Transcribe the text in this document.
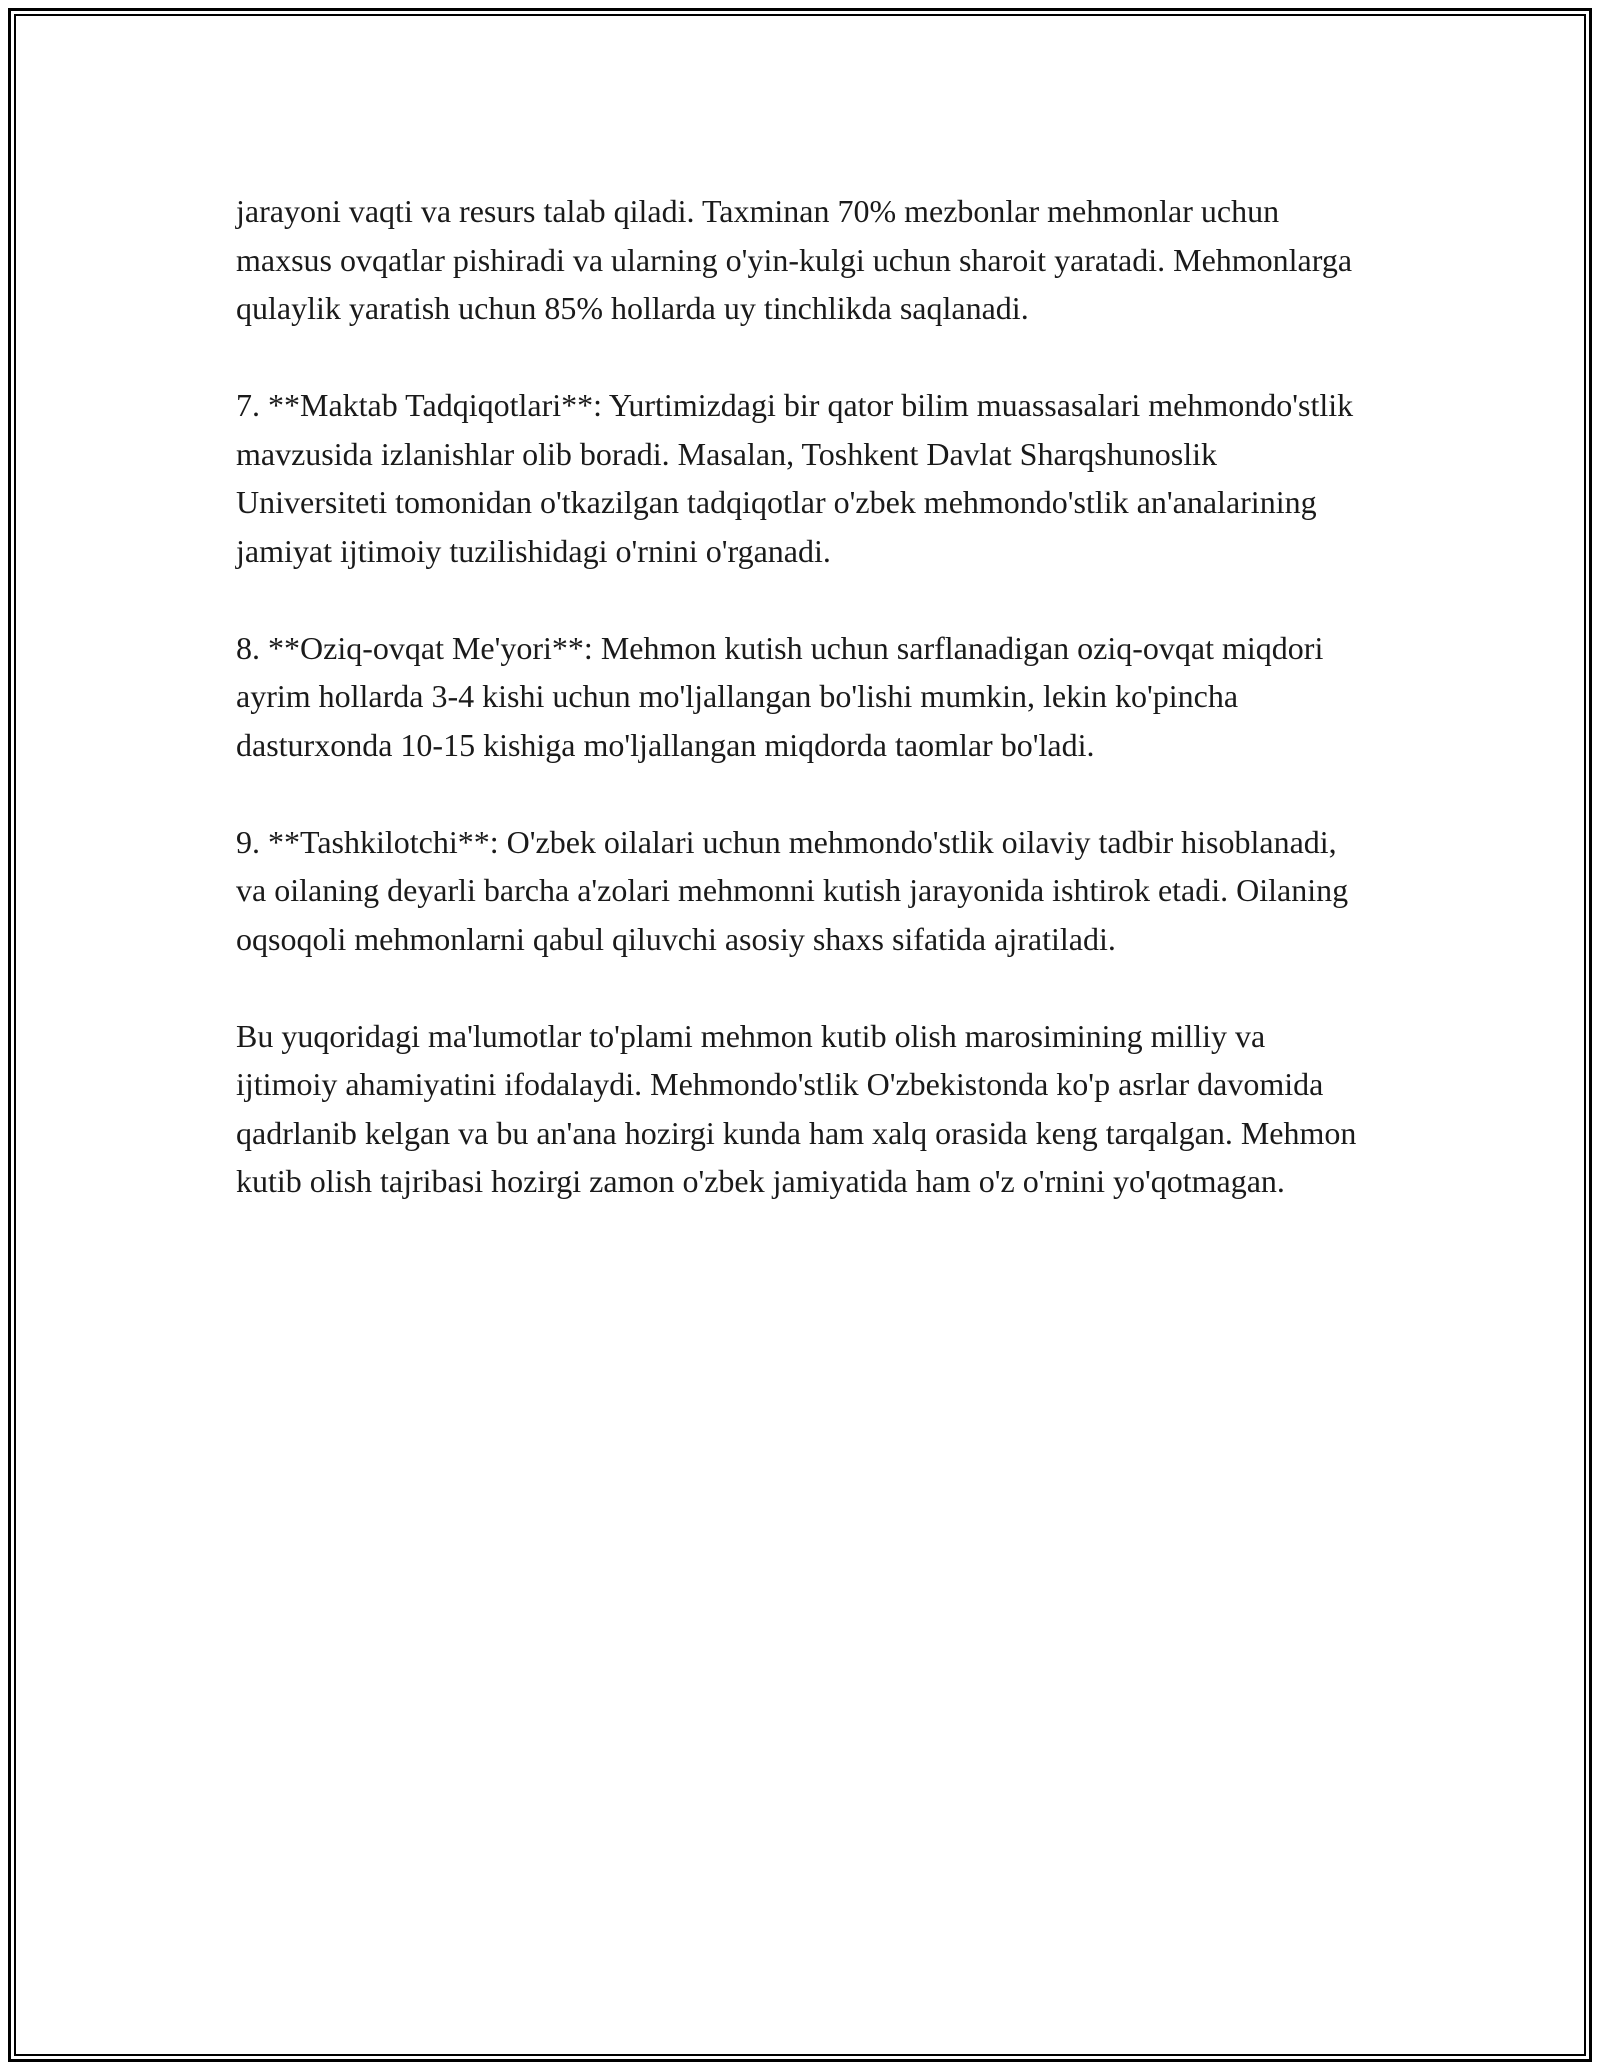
jarayoni vaqti va resurs talab qiladi. Taxminan 70% mezbonlar mehmonlar uchun maxsus ovqatlar pishiradi va ularning o'yin-kulgi uchun sharoit yaratadi. Mehmonlarga qulaylik yaratish uchun 85% hollarda uy tinchlikda saqlanadi.

7. **Maktab Tadqiqotlari**: Yurtimizdagi bir qator bilim muassasalari mehmondo'stlik mavzusida izlanishlar olib boradi. Masalan, Toshkent Davlat Sharqshunoslik Universiteti tomonidan o'tkazilgan tadqiqotlar o'zbek mehmondo'stlik an'analarining jamiyat ijtimoiy tuzilishidagi o'rnini o'rganadi.

8. **Oziq-ovqat Me'yori**: Mehmon kutish uchun sarflanadigan oziq-ovqat miqdori ayrim hollarda 3-4 kishi uchun mo'ljallangan bo'lishi mumkin, lekin ko'pincha dasturxonda 10-15 kishiga mo'ljallangan miqdorda taomlar bo'ladi.

9. **Tashkilotchi**: O'zbek oilalari uchun mehmondo'stlik oilaviy tadbir hisoblanadi, va oilaning deyarli barcha a'zolari mehmonni kutish jarayonida ishtirok etadi. Oilaning oqsoqoli mehmonlarni qabul qiluvchi asosiy shaxs sifatida ajratiladi.

Bu yuqoridagi ma'lumotlar to'plami mehmon kutib olish marosimining milliy va ijtimoiy ahamiyatini ifodalaydi. Mehmondo'stlik O'zbekistonda ko'p asrlar davomida qadrlanib kelgan va bu an'ana hozirgi kunda ham xalq orasida keng tarqalgan. Mehmon kutib olish tajribasi hozirgi zamon o'zbek jamiyatida ham o'z o'rnini yo'qotmagan.
